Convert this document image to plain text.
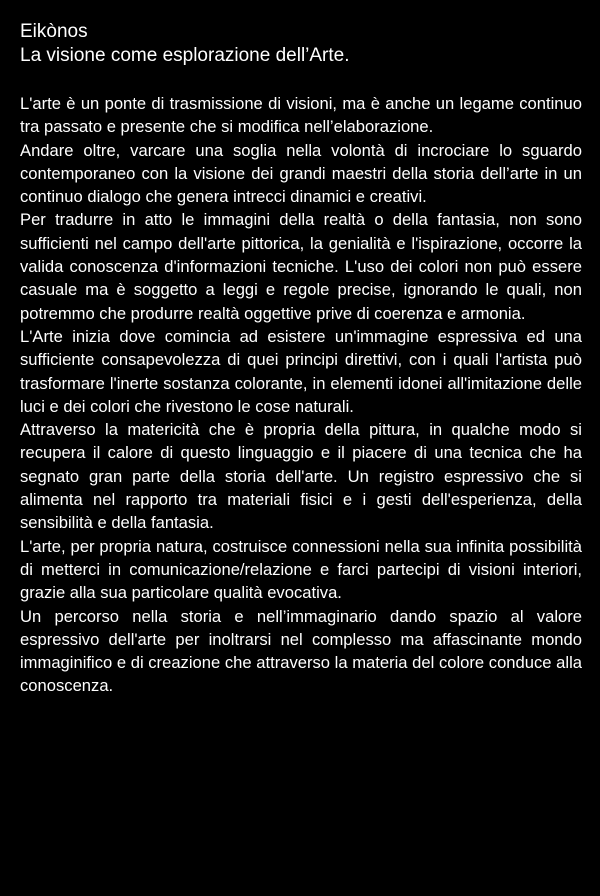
Eikònos
La visione come esplorazione dell’Arte.

L'arte è un ponte di trasmissione di visioni, ma è anche un legame continuo tra passato e presente che si modifica nell’elaborazione.

Andare oltre, varcare una soglia nella volontà di incrociare lo sguardo contemporaneo con la visione dei grandi maestri della storia dell’arte in un continuo dialogo che genera intrecci dinamici e creativi.

Per tradurre in atto le immagini della realtà o della fantasia, non sono sufficienti nel campo dell'arte pittorica, la genialità e l'ispirazione, occorre la valida conoscenza d'informazioni tecniche. L'uso dei colori non può essere casuale ma è soggetto a leggi e regole precise, ignorando le quali, non potremmo che produrre realtà oggettive prive di coerenza e armonia.

L'Arte inizia dove comincia ad esistere un'immagine espressiva ed una sufficiente consapevolezza di quei principi direttivi, con i quali l'artista può trasformare l'inerte sostanza colorante, in elementi idonei all'imitazione delle luci e dei colori che rivestono le cose naturali.

Attraverso la matericità che è propria della pittura, in qualche modo si recupera il calore di questo linguaggio e il piacere di una tecnica che ha segnato gran parte della storia dell'arte. Un registro espressivo che si alimenta nel rapporto tra materiali fisici e i gesti dell'esperienza, della sensibilità e della fantasia.

L'arte, per propria natura, costruisce connessioni nella sua infinita possibilità di metterci in comunicazione/relazione e farci partecipi di visioni interiori, grazie alla sua particolare qualità evocativa.

Un percorso nella storia e nell’immaginario dando spazio al valore espressivo dell'arte per inoltrarsi nel complesso ma affascinante mondo immaginifico e di creazione che attraverso la materia del colore conduce alla conoscenza.
